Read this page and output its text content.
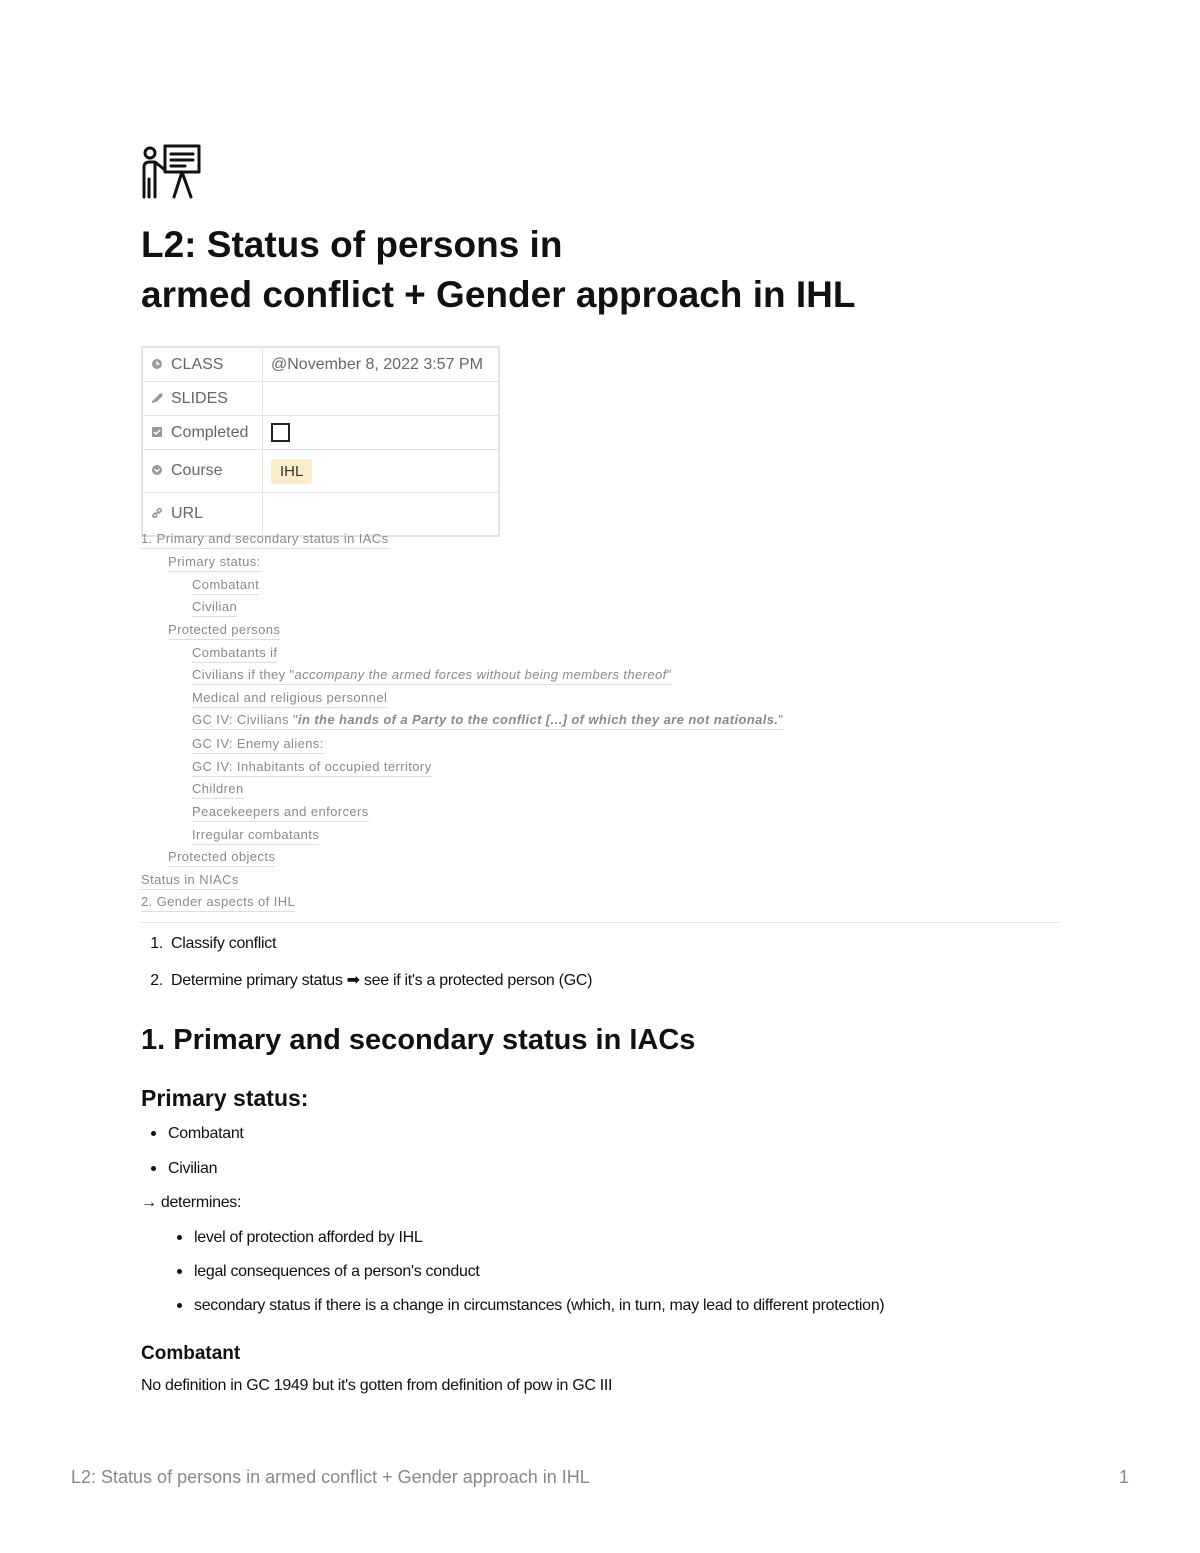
L2: Status of persons in
armed conflict + Gender approach in IHL
CLASS	@November 8, 2022 3:57 PM
SLIDES	
Completed	
Course	IHL
URL	
1. Primary and secondary status in IACs
Primary status:
Combatant
Civilian
Protected persons
Combatants if
Civilians if they "accompany the armed forces without being members thereof"
Medical and religious personnel
GC IV: Civilians "in the hands of a Party to the conflict [...] of which they are not nationals."
GC IV: Enemy aliens:
GC IV: Inhabitants of occupied territory
Children
Peacekeepers and enforcers
Irregular combatants
Protected objects
Status in NIACs
2. Gender aspects of IHL
1. Classify conflict
2. Determine primary status ➡ see if it's a protected person (GC)
1. Primary and secondary status in IACs
Primary status:
Combatant
Civilian
→ determines:
level of protection afforded by IHL
legal consequences of a person's conduct
secondary status if there is a change in circumstances (which, in turn, may lead to different protection)
Combatant
No definition in GC 1949 but it's gotten from definition of pow in GC III
L2: Status of persons in armed conflict + Gender approach in IHL	1
